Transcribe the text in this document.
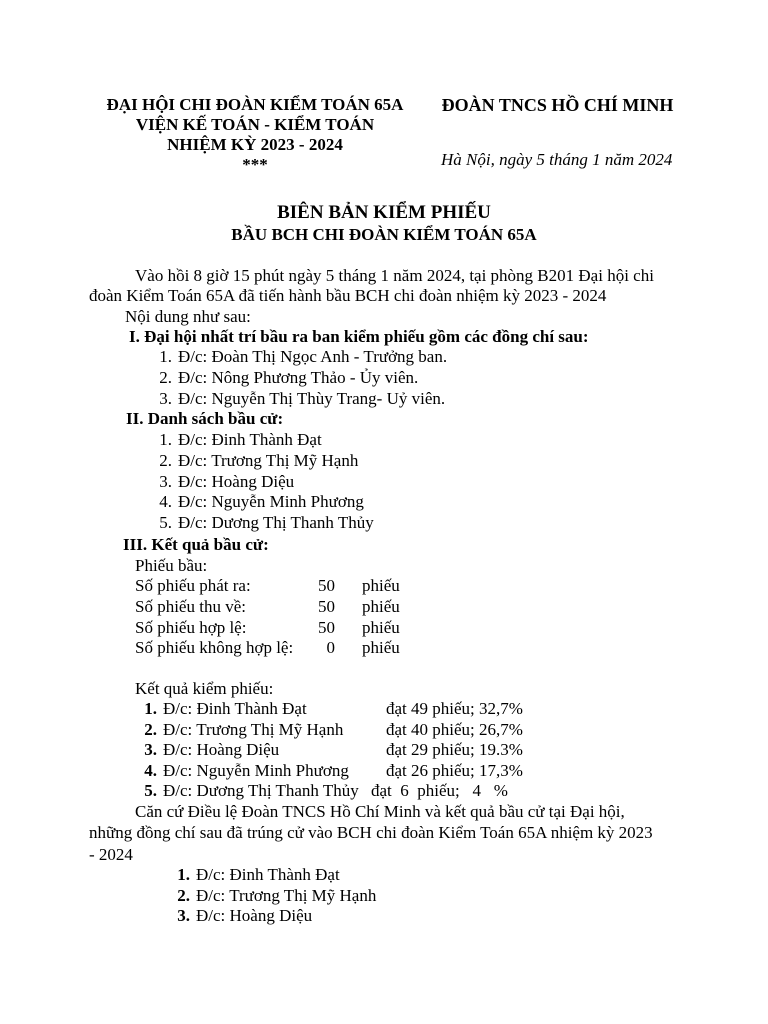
ĐẠI HỘI CHI ĐOÀN KIỂM TOÁN 65A
VIỆN KẾ TOÁN - KIỂM TOÁN
NHIỆM KỲ 2023 - 2024
***
ĐOÀN TNCS HỒ CHÍ MINH
Hà Nội, ngày 5 tháng 1 năm 2024
BIÊN BẢN KIỂM PHIẾU
BẦU BCH CHI ĐOÀN KIỂM TOÁN 65A
Vào hồi 8 giờ 15 phút ngày 5 tháng 1 năm 2024, tại phòng B201 Đại hội chi
đoàn Kiểm Toán 65A đã tiến hành bầu BCH chi đoàn nhiệm kỳ 2023 - 2024
Nội dung như sau:
I. Đại hội nhất trí bầu ra ban kiểm phiếu gồm các đồng chí sau:
1. Đ/c: Đoàn Thị Ngọc Anh - Trưởng ban.
2. Đ/c: Nông Phương Thảo - Ủy viên.
3. Đ/c: Nguyễn Thị Thùy Trang- Uỷ viên.
II. Danh sách bầu cử:
1. Đ/c: Đinh Thành Đạt
2. Đ/c: Trương Thị Mỹ Hạnh
3. Đ/c: Hoàng Diệu
4. Đ/c: Nguyễn Minh Phương
5. Đ/c: Dương Thị Thanh Thủy
III. Kết quả bầu cử:
Phiếu bầu:
Số phiếu phát ra:	50 phiếu
Số phiếu thu về:	50 phiếu
Số phiếu hợp lệ:	50 phiếu
Số phiếu không hợp lệ:	0 phiếu
Kết quả kiểm phiếu:
1. Đ/c: Đinh Thành Đạt	đạt 49 phiếu; 32,7%
2. Đ/c: Trương Thị Mỹ Hạnh	đạt 40 phiếu; 26,7%
3. Đ/c: Hoàng Diệu	đạt 29 phiếu; 19.3%
4. Đ/c: Nguyễn Minh Phương đạt 26 phiếu; 17,3%
5. Đ/c: Dương Thị Thanh Thủy đạt  6  phiếu;   4   %
Căn cứ Điều lệ Đoàn TNCS Hồ Chí Minh và kết quả bầu cử tại Đại hội,
những đồng chí sau đã trúng cử vào BCH chi đoàn Kiểm Toán 65A nhiệm kỳ 2023
- 2024
1. Đ/c: Đinh Thành Đạt
2. Đ/c: Trương Thị Mỹ Hạnh
3. Đ/c: Hoàng Diệu
